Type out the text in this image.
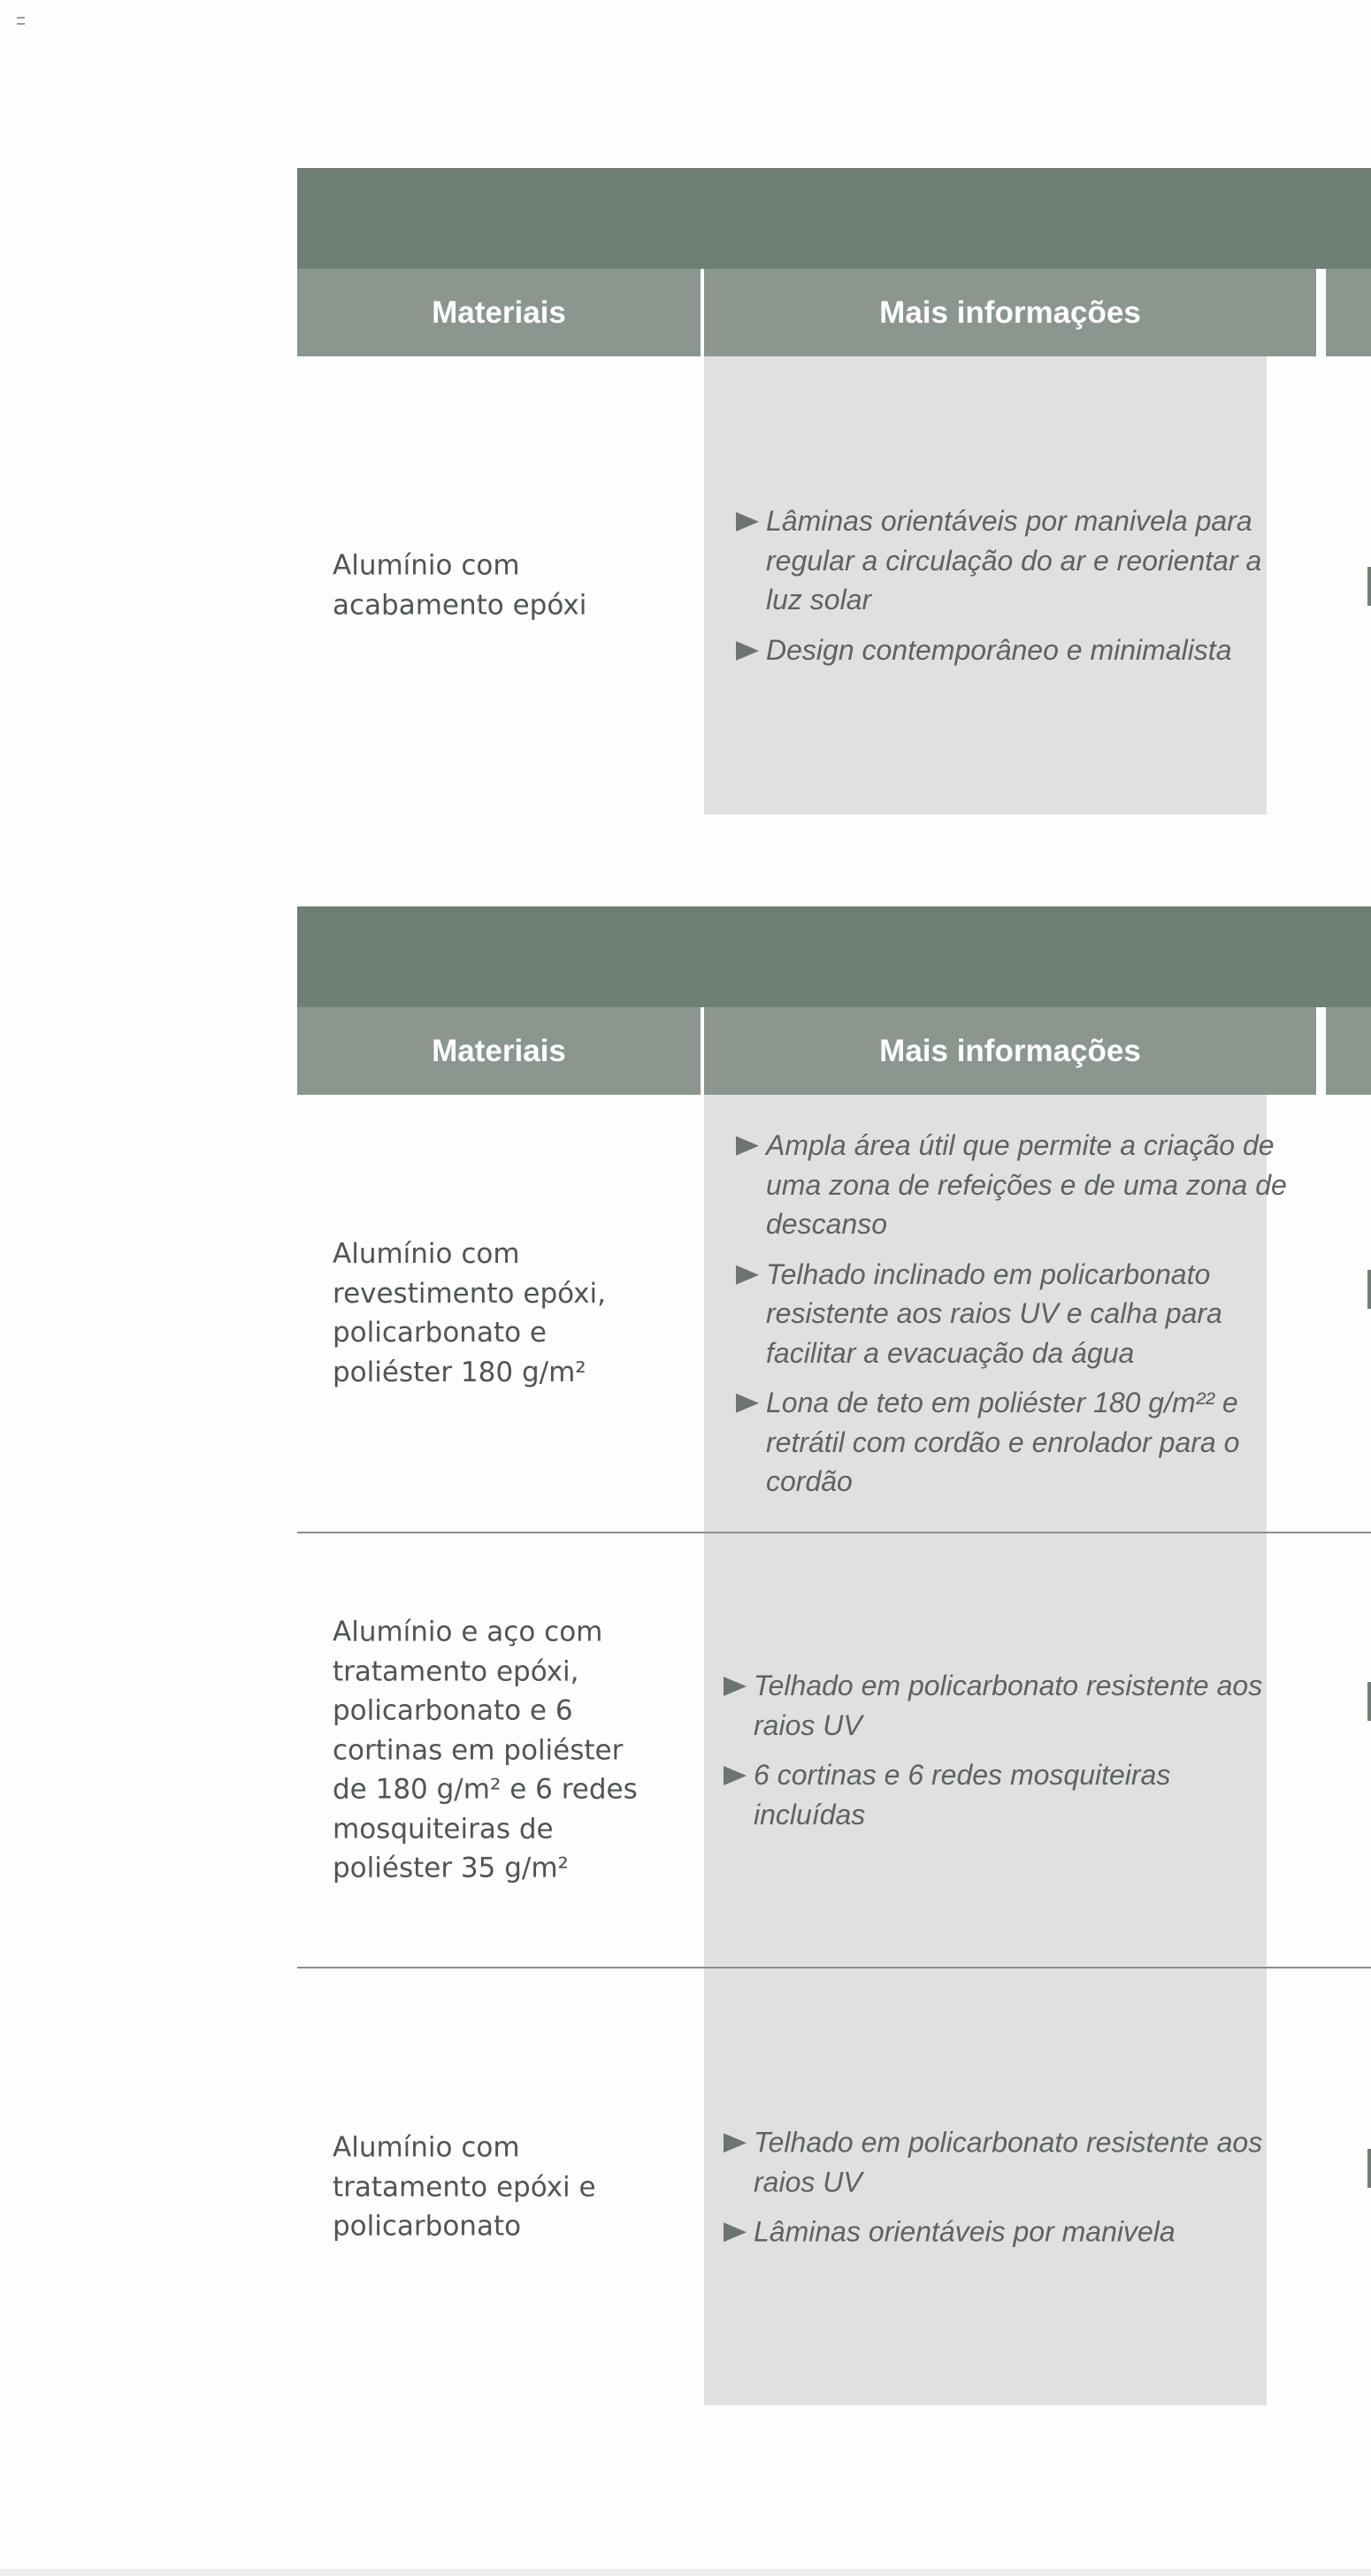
Materiais	Mais informações
Alumínio com acabamento epóxi
Lâminas orientáveis por manivela para regular a circulação do ar e reorientar a luz solar
Design contemporâneo e minimalista
Materiais	Mais informações
Alumínio com revestimento epóxi, policarbonato e poliéster 180 g/m²
Ampla área útil que permite a criação de uma zona de refeições e de uma zona de descanso
Telhado inclinado em policarbonato resistente aos raios UV e calha para facilitar a evacuação da água
Lona de teto em poliéster 180 g/m²² e retrátil com cordão e enrolador para o cordão
Alumínio e aço com tratamento epóxi, policarbonato e 6 cortinas em poliéster de 180 g/m² e 6 redes mosquiteiras de poliéster 35 g/m²
Telhado em policarbonato resistente aos raios UV
6 cortinas e 6 redes mosquiteiras incluídas
Alumínio com tratamento epóxi e policarbonato
Telhado em policarbonato resistente aos raios UV
Lâminas orientáveis por manivela
